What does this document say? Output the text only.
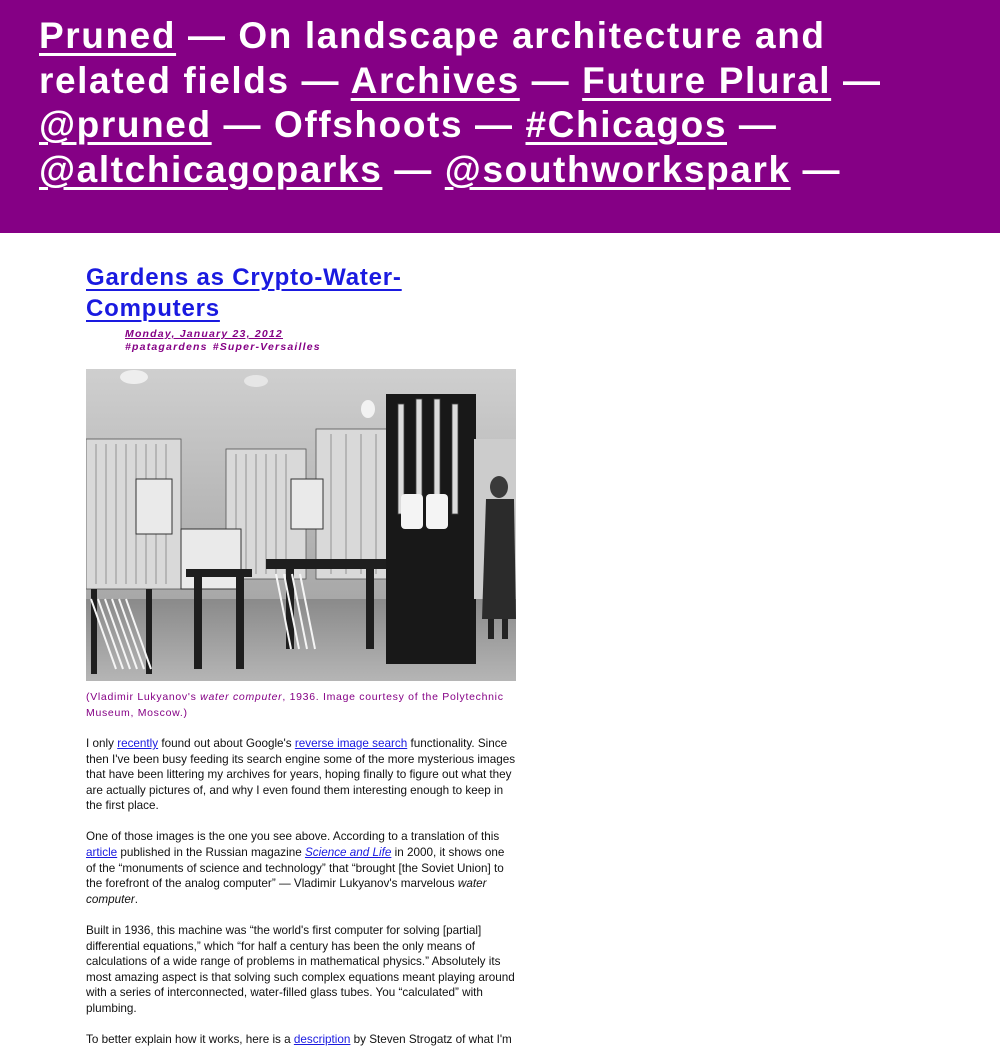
Pruned — On landscape architecture and related fields — Archives — Future Plural — @pruned — Offshoots — #Chicagos — @altchicagoparks — @southworkspark —
Gardens as Crypto-Water-Computers
Monday, January 23, 2012
#patagardens #Super-Versailles
(Vladimir Lukyanov's water computer, 1936. Image courtesy of the Polytechnic Museum, Moscow.)

I only recently found out about Google's reverse image search functionality. Since then I've been busy feeding its search engine some of the more mysterious images that have been littering my archives for years, hoping finally to figure out what they are actually pictures of, and why I even found them interesting enough to keep in the first place.

One of those images is the one you see above. According to a translation of this article published in the Russian magazine Science and Life in 2000, it shows one of the “monuments of science and technology” that “brought [the Soviet Union] to the forefront of the analog computer” — Vladimir Lukyanov's marvelous water computer.

Built in 1936, this machine was “the world's first computer for solving [partial] differential equations,” which “for half a century has been the only means of calculations of a wide range of problems in mathematical physics.” Absolutely its most amazing aspect is that solving such complex equations meant playing around with a series of interconnected, water-filled glass tubes. You “calculated” with plumbing.

To better explain how it works, here is a description by Steven Strogatz of what I'm
